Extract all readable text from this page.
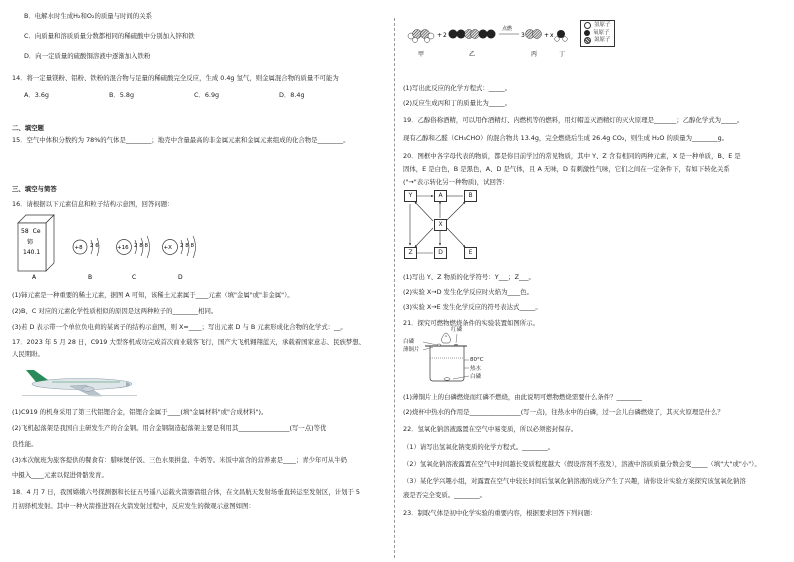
B．电解水时生成H₂和O₂的质量与时间的关系
C．向质量和溶质质量分数都相同的稀硫酸中分别加入锌和铁
D．向一定质量的硫酸铜溶液中逐渐加入铁粉
14．将一定量镁粉、铝粉、铁粉的混合物与足量的稀硫酸完全反应，生成 0.4g 氢气，则金属混合物的质量不可能为
A．3.6g	B．5.8g	C．6.9g	D．8.4g
二、填空题
15．空气中体积分数约为 78%的气体是________；地壳中含量最高的非金属元素和金属元素组成的化合物是________。
三、填空与简答
16．请根据以下元素信息和粒子结构示意图，回答问题：
58 Ce
铈
140.1
+8 2 6	+16 2 8 8	+X 2 8 8
A	B	C	D
(1)铈元素是一种重要的稀土元素，据图 A 可知，该稀土元素属于____元素（填"金属"或"非金属"）。
(2)B、C 对应的元素化学性质相似的原因是这两种粒子的________相同。
(3)若 D 表示带一个单位负电荷的某离子的结构示意图，则 X=____；写出元素 D 与 B 元素形成化合物的化学式：__。
17．2023 年 5 月 28 日，C919 大型客机成功完成首次商业载客飞行，国产大飞机翱翔蓝天，承载着国家意志、民族梦想、
人民期盼。
(1)C919 的机身采用了第三代铝锂合金，铝锂合金属于____(填"金属材料"或"合成材料")。
(2)飞机起落架是我国自主研发生产的合金钢。用合金钢制造起落架主要是利用其________________(写一点)等优
良性能。
(3)本次航班为旅客提供的餐食有：腊味煲仔饭、三色水果拼盘、牛奶等。米饭中富含的营养素是____；青少年可从牛奶
中摄入____元素以促进骨骼发育。
18．4 月 7 日，我国嫦娥六号探测器和长征五号遥八运载火箭器箭组合体，在文昌航天发射场垂直转运至发射区，计划于 5
月初择机发射。其中一种火箭推进剂在火箭发射过程中，反应发生的微观示意图如图：
+ 2
点燃
3	+ x
甲	乙	丙	丁
氢原子
氧原子
氮原子
(1)写出此反应的化学方程式：_____。
(2)反应生成丙和丁的质量比为_____。
19．乙醇俗称酒精，可以用作酒精灯、内燃机等的燃料，用灯帽盖灭酒精灯的灭火原理是_______；乙醇化学式为_____。
现有乙醇和乙醛（CH₃CHO）的混合物共 13.4g，完全燃烧后生成 26.4g CO₂，则生成 H₂O 的质量为________g。
20．图框中各字母代表的物质，都是你目前学过的常见物质，其中 Y、Z 含有相同的两种元素，X 是一种单质，B、E 是
固体，E 是白色，B 是黑色，A、D 是气体，且 A 无味，D 有刺激性气味，它们之间在一定条件下，有如下转化关系
("→"表示转化另一种物质)，试回答：
Y	A	B
X
Z	D	E
(1)写出 Y、Z 物质的化学符号：Y___；Z___。
(2)实验 X→D 发生化学反应时火焰为____色。
(3)实验 X→E 发生化学反应的符号表达式_____。
21．探究可燃物燃烧条件的实验装置如图所示。
红磷
白磷
薄铜片
80°C
热水
白磷
(1)薄铜片上的白磷燃烧而红磷不燃烧，由此说明可燃物燃烧需要什么条件？________
(2)烧杯中热水的作用是________________(写一点)，往热水中的白磷，过一会儿白磷燃烧了，其灭火原理是什么？
22．氢氧化钠溶液露置在空气中易变质，所以必须密封保存。
（1）请写出氢氧化钠变质的化学方程式。________。
（2）氢氧化钠溶液露置在空气中时间越长变质程度越大（假设溶剂不蒸发），溶液中溶质质量分数会变_____（填"大"或"小"）。
（3）某化学兴趣小组，对露置在空气中较长时间后氢氧化钠溶液的成分产生了兴趣，请你设计实验方案探究该氢氧化钠溶
液是否完全变质。________。
23．制取气体是初中化学实验的重要内容，根据要求回答下列问题：
